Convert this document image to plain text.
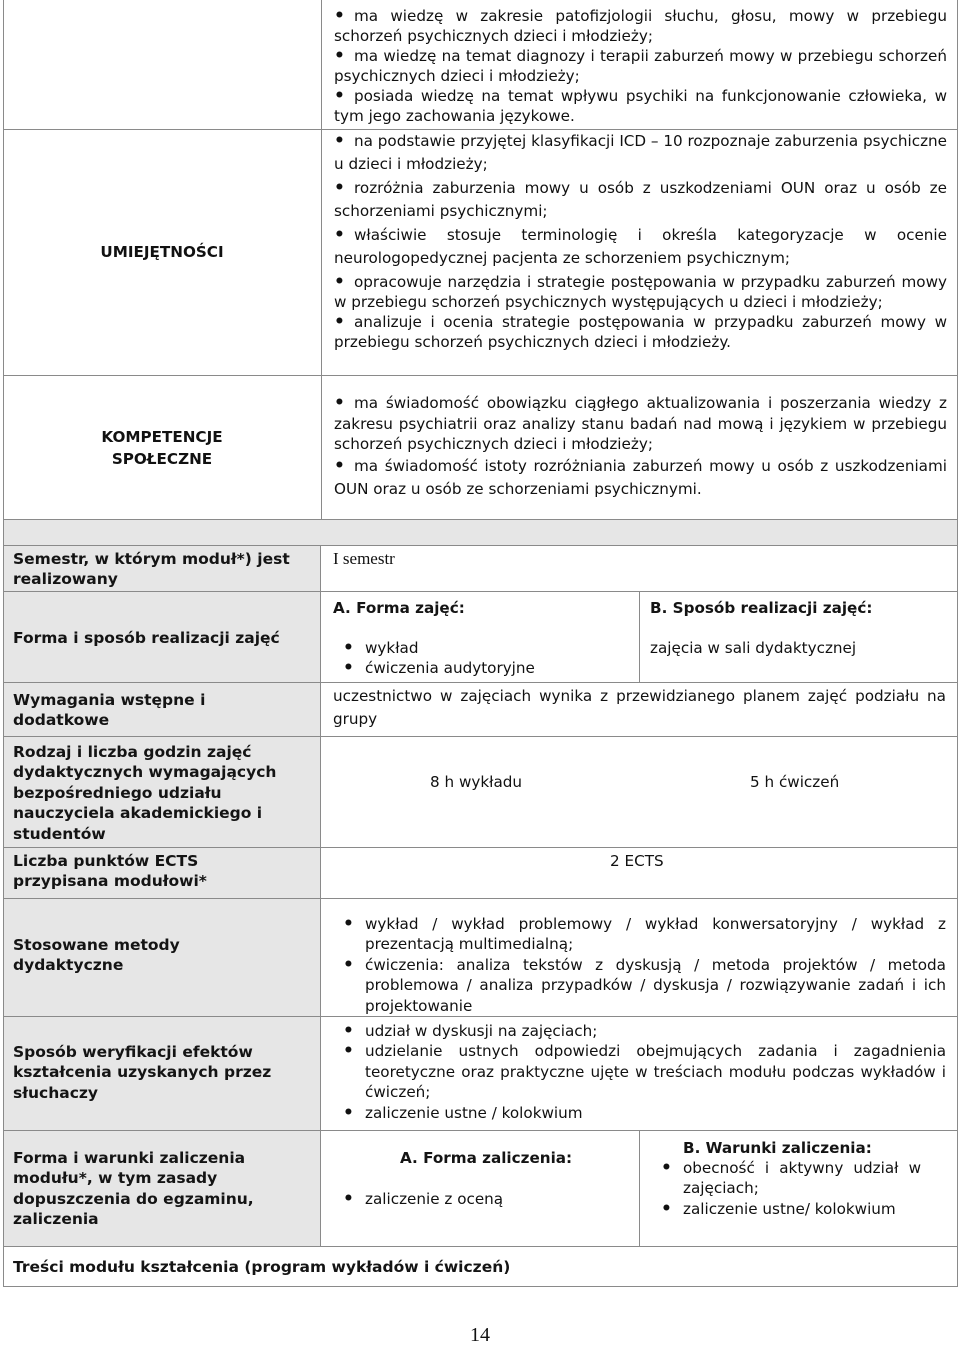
• ma wiedzę w zakresie patofizjologii słuchu, głosu, mowy w przebiegu schorzeń psychicznych dzieci i młodzieży;
• ma wiedzę na temat diagnozy i terapii zaburzeń mowy w przebiegu schorzeń psychicznych dzieci i młodzieży;
• posiada wiedzę na temat wpływu psychiki na funkcjonowanie człowieka, w tym jego zachowania językowe.
UMIEJĘTNOŚCI
• na podstawie przyjętej klasyfikacji ICD – 10 rozpoznaje zaburzenia psychiczne u dzieci i młodzieży;
• rozróżnia zaburzenia mowy u osób z uszkodzeniami OUN oraz u osób ze schorzeniami psychicznymi;
• właściwie stosuje terminologię i określa kategoryzacje w ocenie neurologopedycznej pacjenta ze schorzeniem psychicznym;
• opracowuje narzędzia i strategie postępowania w przypadku zaburzeń mowy w przebiegu schorzeń psychicznych występujących u dzieci i młodzieży;
• analizuje i ocenia strategie postępowania w przypadku zaburzeń mowy w przebiegu schorzeń psychicznych dzieci i młodzieży.
KOMPETENCJE
SPOŁECZNE
• ma świadomość obowiązku ciągłego aktualizowania i poszerzania wiedzy z zakresu psychiatrii oraz analizy stanu badań nad mową i językiem w przebiegu schorzeń psychicznych dzieci i młodzieży;
• ma świadomość istoty rozróżniania zaburzeń mowy u osób z uszkodzeniami OUN oraz u osób ze schorzeniami psychicznymi.
Semestr, w którym moduł*) jest realizowany
I semestr
Forma i sposób realizacji zajęć
A. Forma zajęć:
• wykład
• ćwiczenia audytoryjne
B. Sposób realizacji zajęć:
zajęcia w sali dydaktycznej
Wymagania wstępne i dodatkowe
uczestnictwo w zajęciach wynika z przewidzianego planem zajęć podziału na grupy
Rodzaj i liczba godzin zajęć dydaktycznych wymagających bezpośredniego udziału nauczyciela akademickiego i studentów
8 h wykładu	5 h ćwiczeń
Liczba punktów ECTS przypisana modułowi*
2 ECTS
Stosowane metody dydaktyczne
• wykład / wykład problemowy / wykład konwersatoryjny / wykład z prezentacją multimedialną;
• ćwiczenia: analiza tekstów z dyskusją / metoda projektów / metoda problemowa / analiza przypadków / dyskusja / rozwiązywanie zadań i ich projektowanie
Sposób weryfikacji efektów kształcenia uzyskanych przez słuchaczy
• udział w dyskusji na zajęciach;
• udzielanie ustnych odpowiedzi obejmujących zadania i zagadnienia teoretyczne oraz praktyczne ujęte w treściach modułu podczas wykładów i ćwiczeń;
• zaliczenie ustne / kolokwium
Forma i warunki zaliczenia modułu*, w tym zasady dopuszczenia do egzaminu, zaliczenia
A. Forma zaliczenia:
• zaliczenie z oceną
B. Warunki zaliczenia:
• obecność i aktywny udział w zajęciach;
• zaliczenie ustne/ kolokwium
Treści modułu kształcenia (program wykładów i ćwiczeń)
14
